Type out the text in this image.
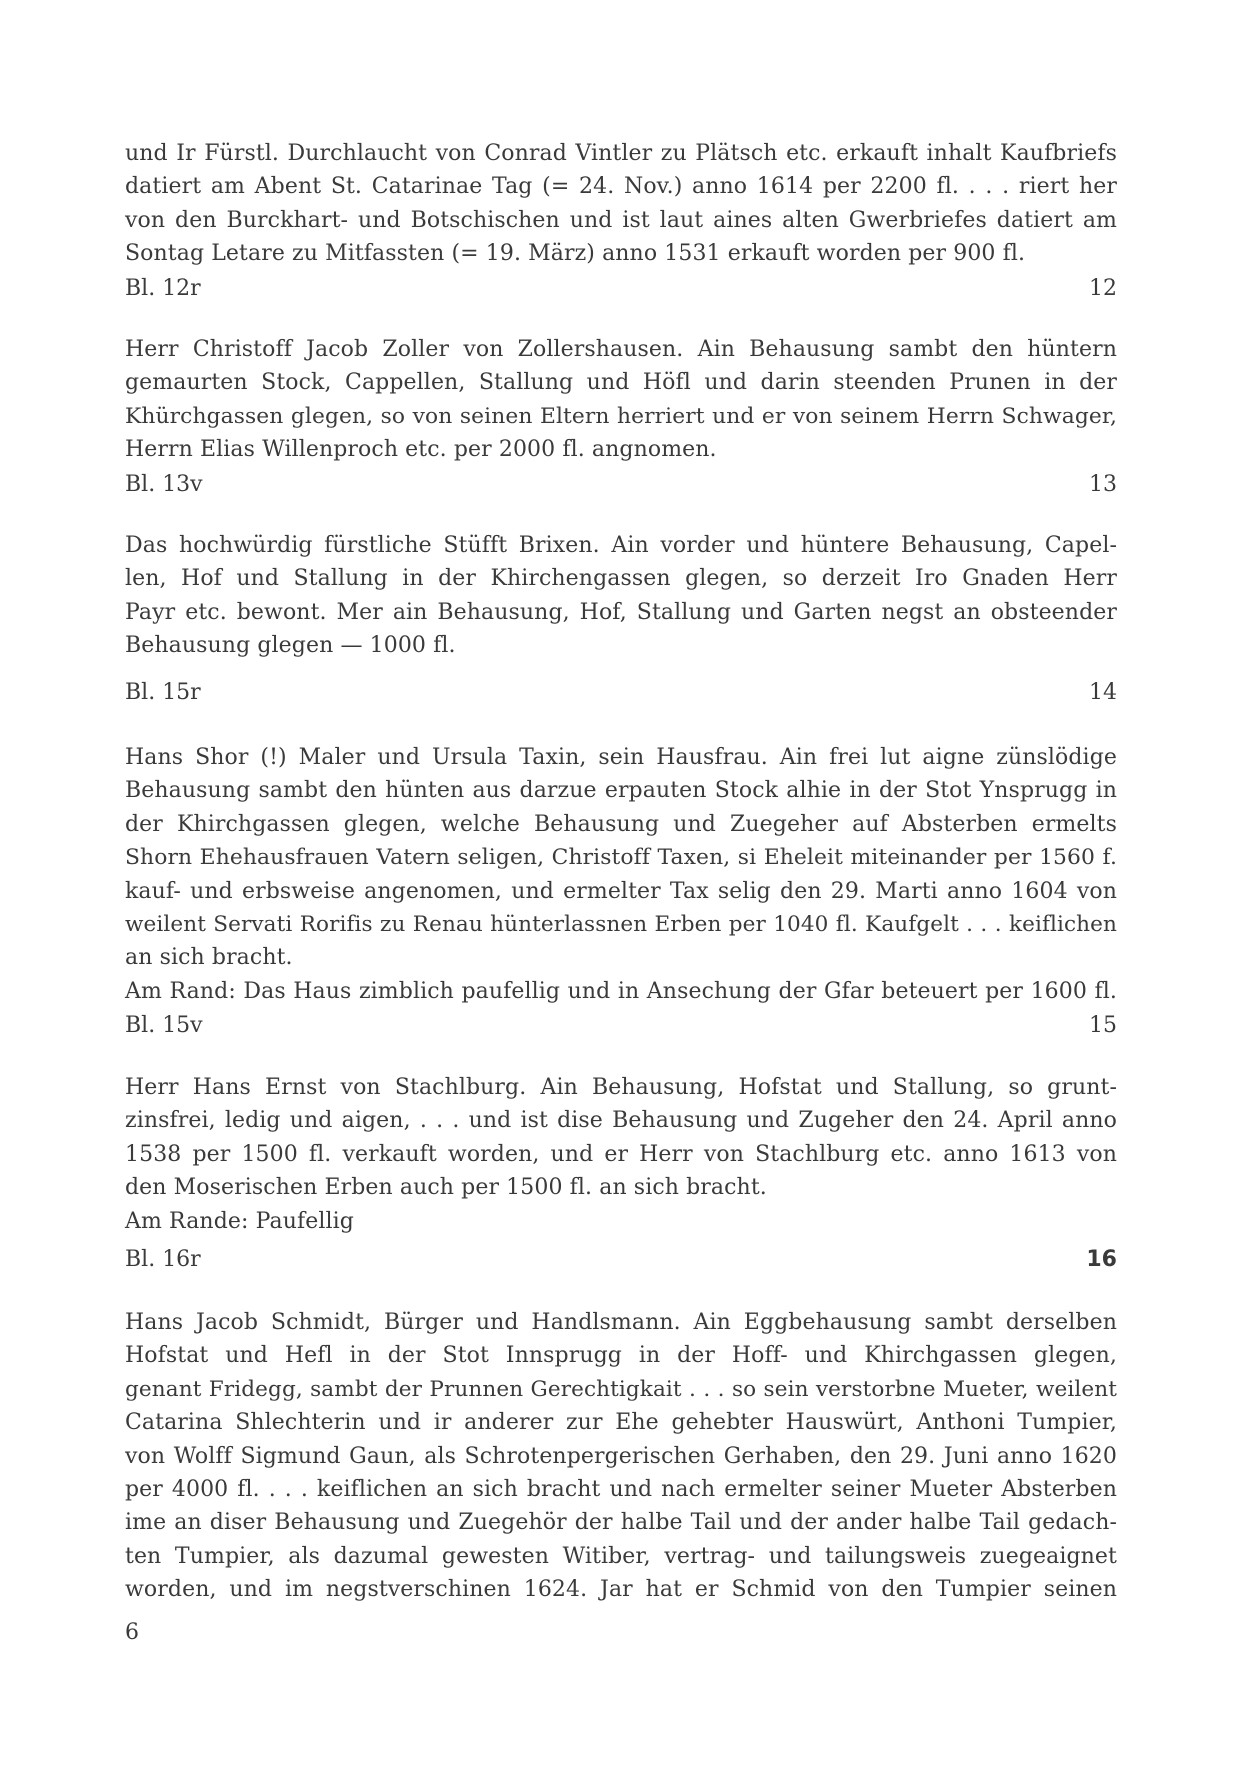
und Ir Fürstl. Durchlaucht von Conrad Vintler zu Plätsch etc. erkauft inhalt Kaufbriefs
datiert am Abent St. Catarinae Tag (= 24. Nov.) anno 1614 per 2200 fl. . . . riert her
von den Burckhart- und Botschischen und ist laut aines alten Gwerbriefes datiert am
Sontag Letare zu Mitfassten (= 19. März) anno 1531 erkauft worden per 900 fl.
Bl. 12r	12
Herr Christoff Jacob Zoller von Zollershausen. Ain Behausung sambt den hüntern
gemaurten Stock, Cappellen, Stallung und Höfl und darin steenden Prunen in der
Khürchgassen glegen, so von seinen Eltern herriert und er von seinem Herrn Schwager,
Herrn Elias Willenproch etc. per 2000 fl. angnomen.
Bl. 13v	13
Das hochwürdig fürstliche Stüfft Brixen. Ain vorder und hüntere Behausung, Capel-
len, Hof und Stallung in der Khirchengassen glegen, so derzeit Iro Gnaden Herr
Payr etc. bewont. Mer ain Behausung, Hof, Stallung und Garten negst an obsteender
Behausung glegen — 1000 fl.
Bl. 15r	14
Hans Shor (!) Maler und Ursula Taxin, sein Hausfrau. Ain frei lut aigne zünslödige
Behausung sambt den hünten aus darzue erpauten Stock alhie in der Stot Ynsprugg in
der Khirchgassen glegen, welche Behausung und Zuegeher auf Absterben ermelts
Shorn Ehehausfrauen Vatern seligen, Christoff Taxen, si Eheleit miteinander per 1560 f.
kauf- und erbsweise angenomen, und ermelter Tax selig den 29. Marti anno 1604 von
weilent Servati Rorifis zu Renau hünterlassnen Erben per 1040 fl. Kaufgelt . . . keiflichen
an sich bracht.
Am Rand: Das Haus zimblich paufellig und in Ansechung der Gfar beteuert per 1600 fl.
Bl. 15v	15
Herr Hans Ernst von Stachlburg. Ain Behausung, Hofstat und Stallung, so grunt-
zinsfrei, ledig und aigen, . . . und ist dise Behausung und Zugeher den 24. April anno
1538 per 1500 fl. verkauft worden, und er Herr von Stachlburg etc. anno 1613 von
den Moserischen Erben auch per 1500 fl. an sich bracht.
Am Rande: Paufellig
Bl. 16r	16
Hans Jacob Schmidt, Bürger und Handlsmann. Ain Eggbehausung sambt derselben
Hofstat und Hefl in der Stot Innsprugg in der Hoff- und Khirchgassen glegen,
genant Fridegg, sambt der Prunnen Gerechtigkait . . . so sein verstorbne Mueter, weilent
Catarina Shlechterin und ir anderer zur Ehe gehebter Hauswürt, Anthoni Tumpier,
von Wolff Sigmund Gaun, als Schrotenpergerischen Gerhaben, den 29. Juni anno 1620
per 4000 fl. . . . keiflichen an sich bracht und nach ermelter seiner Mueter Absterben
ime an diser Behausung und Zuegehör der halbe Tail und der ander halbe Tail gedach-
ten Tumpier, als dazumal gewesten Witiber, vertrag- und tailungsweis zuegeaignet
worden, und im negstverschinen 1624. Jar hat er Schmid von den Tumpier seinen
6
